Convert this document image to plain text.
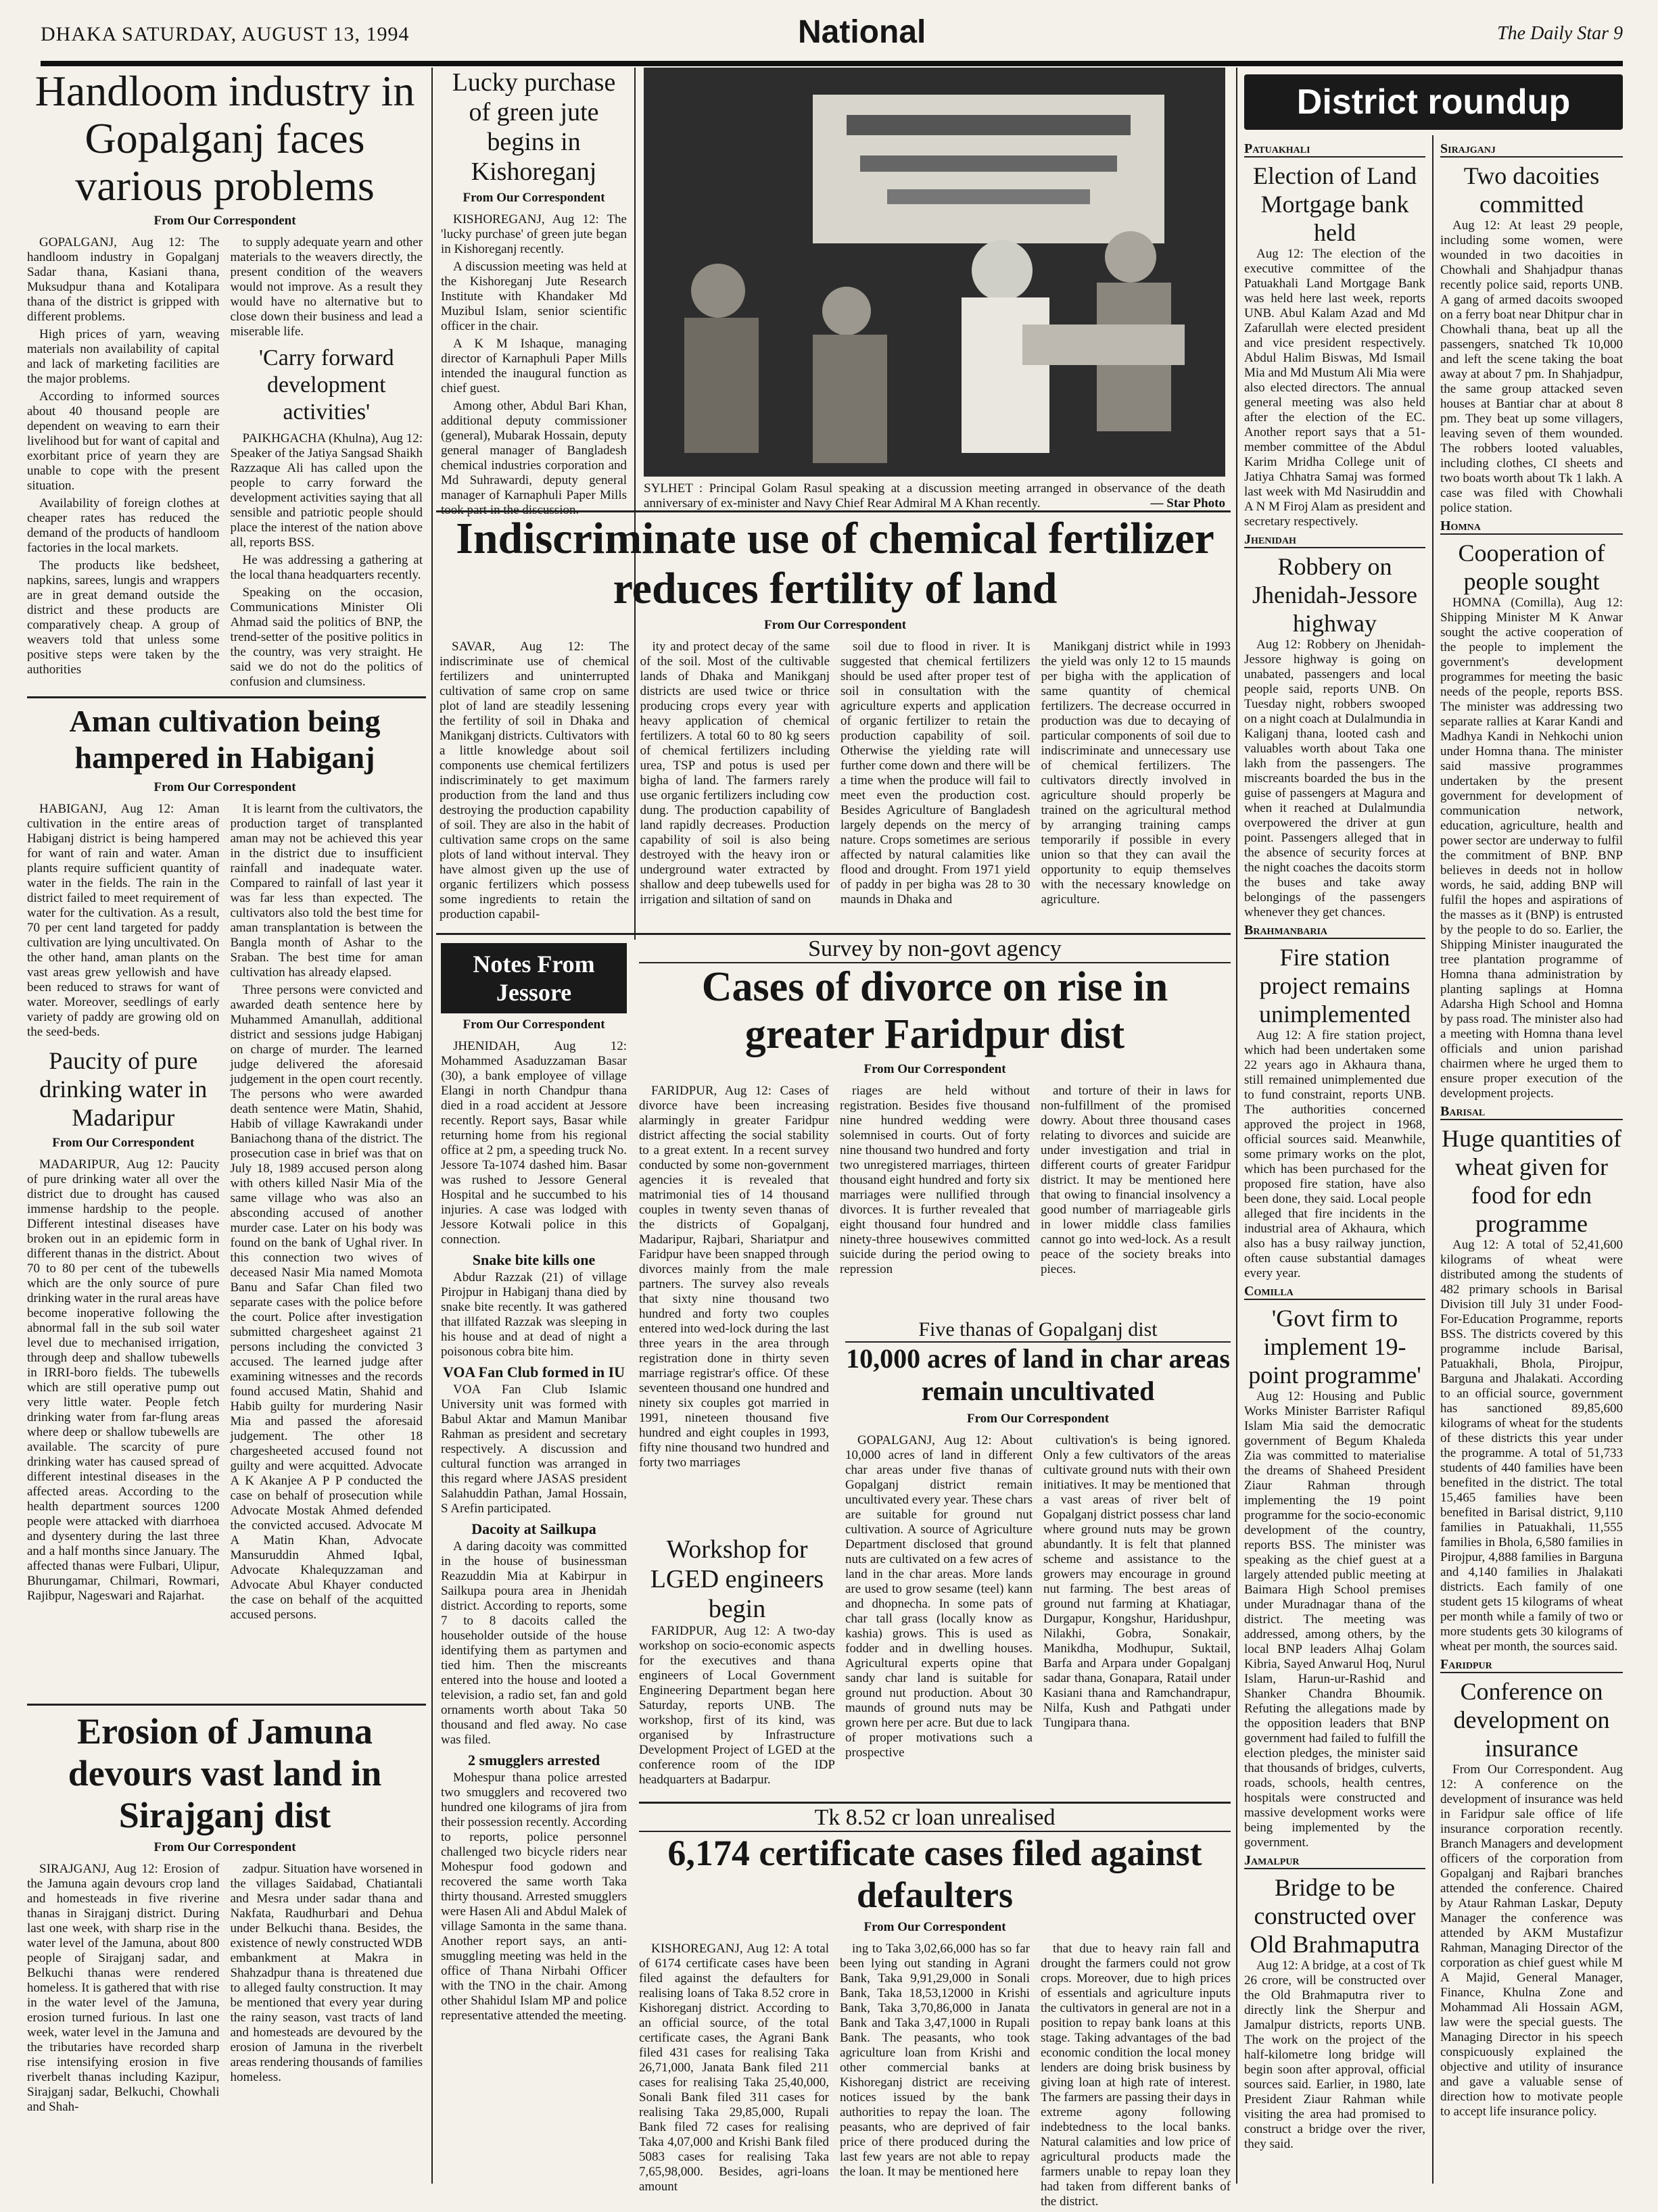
DHAKA SATURDAY, AUGUST 13, 1994	National	The Daily Star 9
Handloom industry in Gopalganj faces various problems
From Our Correspondent

GOPALGANJ, Aug 12: The handloom industry in Gopalganj Sadar thana, Kasiani thana, Muksudpur thana and Kotalipara thana of the district is gripped with different problems.

High prices of yarn, weaving materials non availability of capital and lack of marketing facilities are the major problems.

According to informed sources about 40 thousand people are dependent on weaving to earn their livelihood but for want of capital and exorbitant price of yearn they are unable to cope with the present situation.

Availability of foreign clothes at cheaper rates has reduced the demand of the products of handloom factories in the local markets.

The products like bedsheet, napkins, sarees, lungis and wrappers are in great demand outside the district and these products are comparatively cheap. A group of weavers told that unless some positive steps were taken by the authorities

to supply adequate yearn and other materials to the weavers directly, the present condition of the weavers would not improve. As a result they would have no alternative but to close down their business and lead a miserable life.

'Carry forward development activities'

PAIKHGACHA (Khulna), Aug 12: Speaker of the Jatiya Sangsad Shaikh Razzaque Ali has called upon the people to carry forward the development activities saying that all sensible and patriotic people should place the interest of the nation above all, reports BSS.

He was addressing a gathering at the local thana headquarters recently.

Speaking on the occasion, Communications Minister Oli Ahmad said the politics of BNP, the trend-setter of the positive politics in the country, was very straight. He said we do not do the politics of confusion and clumsiness.

Aman cultivation being hampered in Habiganj
From Our Correspondent

HABIGANJ, Aug 12: Aman cultivation in the entire areas of Habiganj district is being hampered for want of rain and water. Aman plants require sufficient quantity of water in the fields. The rain in the district failed to meet requirement of water for the cultivation. As a result, 70 per cent land targeted for paddy cultivation are lying uncultivated. On the other hand, aman plants on the vast areas grew yellowish and have been reduced to straws for want of water. Moreover, seedlings of early variety of paddy are growing old on the seed-beds.

Paucity of pure drinking water in Madaripur
From Our Correspondent

MADARIPUR, Aug 12: Paucity of pure drinking water all over the district due to drought has caused immense hardship to the people. Different intestinal diseases have broken out in an epidemic form in different thanas in the district. About 70 to 80 per cent of the tubewells which are the only source of pure drinking water in the rural areas have become inoperative following the abnormal fall in the sub soil water level due to mechanised irrigation, through deep and shallow tubewells in IRRI-boro fields. The tubewells which are still operative pump out very little water. People fetch drinking water from far-flung areas where deep or shallow tubewells are available. The scarcity of pure drinking water has caused spread of different intestinal diseases in the affected areas. According to the health department sources 1200 people were attacked with diarrhoea and dysentery during the last three and a half months since January. The affected thanas were Fulbari, Ulipur, Bhurungamar, Chilmari, Rowmari, Rajibpur, Nageswari and Rajarhat.

It is learnt from the cultivators, the production target of transplanted aman may not be achieved this year in the district due to insufficient rainfall and inadequate water. Compared to rainfall of last year it was far less than expected. The cultivators also told the best time for aman transplantation is between the Bangla month of Ashar to the Sraban. The best time for aman cultivation has already elapsed.

Three persons were convicted and awarded death sentence here by Muhammed Amanullah, additional district and sessions judge Habiganj on charge of murder. The learned judge delivered the aforesaid judgement in the open court recently. The persons who were awarded death sentence were Matin, Shahid, Habib of village Kawrakandi under Baniachong thana of the district. The prosecution case in brief was that on July 18, 1989 accused person along with others killed Nasir Mia of the same village who was also an absconding accused of another murder case. Later on his body was found on the bank of Ughal river. In this connection two wives of deceased Nasir Mia named Momota Banu and Safar Chan filed two separate cases with the police before the court. Police after investigation submitted chargesheet against 21 persons including the convicted 3 accused. The learned judge after examining witnesses and the records found accused Matin, Shahid and Habib guilty for murdering Nasir Mia and passed the aforesaid judgement. The other 18 chargesheeted accused found not guilty and were acquitted. Advocate A K Akanjee A P P conducted the case on behalf of prosecution while Advocate Mostak Ahmed defended the convicted accused. Advocate M A Matin Khan, Advocate Mansuruddin Ahmed Iqbal, Advocate Khalequzzaman and Advocate Abul Khayer conducted the case on behalf of the acquitted accused persons.

Erosion of Jamuna devours vast land in Sirajganj dist
From Our Correspondent

SIRAJGANJ, Aug 12: Erosion of the Jamuna again devours crop land and homesteads in five riverine thanas in Sirajganj district. During last one week, with sharp rise in the water level of the Jamuna, about 800 people of Sirajganj sadar, and Belkuchi thanas were rendered homeless. It is gathered that with rise in the water level of the Jamuna, erosion turned furious. In last one week, water level in the Jamuna and the tributaries have recorded sharp rise intensifying erosion in five riverbelt thanas including Kazipur, Sirajganj sadar, Belkuchi, Chowhali and Shah-

zadpur. Situation have worsened in the villages Saidabad, Chatiantali and Mesra under sadar thana and Nakfata, Raudhurbari and Dehua under Belkuchi thana. Besides, the existence of newly constructed WDB embankment at Makra in Shahzadpur thana is threatened due to alleged faulty construction. It may be mentioned that every year during the rainy season, vast tracts of land and homesteads are devoured by the erosion of Jamuna in the riverbelt areas rendering thousands of families homeless.

Lucky purchase of green jute begins in Kishoreganj
From Our Correspondent

KISHOREGANJ, Aug 12: The 'lucky purchase' of green jute began in Kishoreganj recently.

A discussion meeting was held at the Kishoreganj Jute Research Institute with Khandaker Md Muzibul Islam, senior scientific officer in the chair.

A K M Ishaque, managing director of Karnaphuli Paper Mills intended the inaugural function as chief guest.

Among other, Abdul Bari Khan, additional deputy commissioner (general), Mubarak Hossain, deputy general manager of Bangladesh chemical industries corporation and Md Suhrawardi, deputy general manager of Karnaphuli Paper Mills SYLHET : Principal Golam Rasul speaking at a discussion meeting arranged in observance of the death anniversary of ex-minister and Navy Chief Rear Admiral M A Khan recently.	— Star Photo
Indiscriminate use of chemical fertilizer reduces fertility of land
From Our Correspondent

SAVAR, Aug 12: The indiscriminate use of chemical fertilizers and uninterrupted cultivation of same crop on same plot of land are steadily lessening the fertility of soil in Dhaka and Manikganj districts. Cultivators with a little knowledge about soil components use chemical fertilizers indiscriminately to get maximum production from the land and thus destroying the production capability of soil. They are also in the habit of cultivation same crops on the same plots of land without interval. They have almost given up the use of organic fertilizers which possess some ingredients to retain the production capabil-

ity and protect decay of the same of the soil. Most of the cultivable lands of Dhaka and Manikganj districts are used twice or thrice producing crops every year with heavy application of chemical fertilizers. A total 60 to 80 kg seers of chemical fertilizers including urea, TSP and potus is used per bigha of land. The farmers rarely use organic fertilizers including cow dung. The production capability of land rapidly decreases. Production capability of soil is also being destroyed with the heavy iron or underground water extracted by shallow and deep tubewells used for irrigation and siltation of sand on

soil due to flood in river. It is suggested that chemical fertilizers should be used after proper test of soil in consultation with the agriculture experts and application of organic fertilizer to retain the production capability of soil. Otherwise the yielding rate will further come down and there will be a time when the produce will fail to meet even the production cost. Besides Agriculture of Bangladesh largely depends on the mercy of nature. Crops sometimes are serious affected by natural calamities like flood and drought. From 1971 yield of paddy in per bigha was 28 to 30 maunds in Dhaka and

Manikganj district while in 1993 the yield was only 12 to 15 maunds per bigha with the application of same quantity of chemical fertilizers. The decrease occurred in production was due to decaying of particular components of soil due to indiscriminate and unnecessary use of chemical fertilizers. The cultivators directly involved in agriculture should properly be trained on the agricultural method by arranging training camps temporarily if possible in every union so that they can avail the opportunity to equip themselves with the necessary knowledge on agriculture.

Notes From Jessore
From Our Correspondent

JHENIDAH, Aug 12: Mohammed Asaduzzaman Basar (30), a bank employee of village Elangi in north Chandpur thana died in a road accident at Jessore recently. Report says, Basar while returning home from his regional office at 2 pm, a speeding truck No. Jessore Ta-1074 dashed him. Basar was rushed to Jessore General Hospital and he succumbed to his injuries. A case was lodged with Jessore Kotwali police in this connection.

Snake bite kills one

Abdur Razzak (21) of village Pirojpur in Habiganj thana died by snake bite recently. It was gathered that illfated Razzak was sleeping in his house and at dead of night a poisonous cobra bite him.

VOA Fan Club formed in IU

VOA Fan Club Islamic University unit was formed with Babul Aktar and Mamun Manibar Rahman as president and secretary respectively. A discussion and cultural function was arranged in this regard where JASAS president Salahuddin Pathan, Jamal Hossain, S Arefin participated.

Dacoity at Sailkupa

A daring dacoity was committed in the house of businessman Reazuddin Mia at Kabirpur in Sailkupa poura area in Jhenidah district. According to reports, some 7 to 8 dacoits called the householder outside of the house identifying them as partymen and tied him. Then the miscreants entered into the house and looted a television, a radio set, fan and gold ornaments worth about Taka 50 thousand and fled away. No case was filed.

2 smugglers arrested

Mohespur thana police arrested two smugglers and recovered two hundred one kilograms of jira from their possession recently. According to reports, police personnel challenged two bicycle riders near Mohespur food godown and recovered the same worth Taka thirty thousand. Arrested smugglers were Hasen Ali and Abdul Malek of village Samonta in the same thana. Another report says, an anti-smuggling meeting was held in the office of Thana Nirbahi Officer with the TNO in the chair. Among other Shahidul Islam MP and police representative attended the meeting.

Survey by non-govt agency
Cases of divorce on rise in greater Faridpur dist
From Our Correspondent

FARIDPUR, Aug 12: Cases of divorce have been increasing alarmingly in greater Faridpur district affecting the social stability to a great extent. In a recent survey conducted by some non-government agencies it is revealed that matrimonial ties of 14 thousand couples in twenty seven thanas of the districts of Gopalganj, Madaripur, Rajbari, Shariatpur and Faridpur have been snapped through divorces mainly from the male partners. The survey also reveals that sixty nine thousand two hundred and forty two couples entered into wed-lock during the last three years in the area through registration done in thirty seven marriage registrar's office. Of these seventeen thousand one hundred and ninety six couples got married in 1991, nineteen thousand five hundred and eight couples in 1993, fifty nine thousand two hundred and forty two marriages

riages are held without registration. Besides five thousand nine hundred wedding were solemnised in courts. Out of forty nine thousand two hundred and forty two unregistered marriages, thirteen thousand eight hundred and forty six marriages were nullified through divorces. It is further revealed that eight thousand four hundred and ninety-three housewives committed suicide during the period owing to repression

and torture of their in laws for non-fulfillment of the promised dowry. About three thousand cases relating to divorces and suicide are under investigation and trial in different courts of greater Faridpur district. It may be mentioned here that owing to financial insolvency a good number of marriageable girls in lower middle class families cannot go into wed-lock. As a result peace of the society breaks into pieces.

Workshop for LGED engineers begin

FARIDPUR, Aug 12: A two-day workshop on socio-economic aspects for the executives and thana engineers of Local Government Engineering Department began here Saturday, reports UNB. The workshop, first of its kind, was organised by Infrastructure Development Project of LGED at the conference room of the IDP headquarters at Badarpur.

Five thanas of Gopalganj dist
10,000 acres of land in char areas remain uncultivated
From Our Correspondent

GOPALGANJ, Aug 12: About 10,000 acres of land in different char areas under five thanas of Gopalganj district remain uncultivated every year. These chars are suitable for ground nut cultivation. A source of Agriculture Department disclosed that ground nuts are cultivated on a few acres of land in the char areas. More lands are used to grow sesame (teel) kann and dhopnecha. In some pats of char tall grass (locally know as kashia) grows. This is used as fodder and in dwelling houses. Agricultural experts opine that sandy char land is suitable for ground nut production. About 30 maunds of ground nuts may be grown here per acre. But due to lack of proper motivations such a prospective

cultivation's is being ignored. Only a few cultivators of the areas cultivate ground nuts with their own initiatives. It may be mentioned that a vast areas of river belt of Gopalganj district possess char land where ground nuts may be grown abundantly. It is felt that planned scheme and assistance to the growers may encourage in ground nut farming. The best areas of ground nut farming at Khatiagar, Durgapur, Kongshur, Haridushpur, Nilakhi, Gobra, Sonakair, Manikdha, Modhupur, Suktail, Barfa and Arpara under Gopalganj sadar thana, Gonapara, Ratail under Kasiani thana and Ramchandrapur, Nilfa, Kush and Pathgati under Tungipara thana.

Tk 8.52 cr loan unrealised
6,174 certificate cases filed against defaulters
From Our Correspondent

KISHOREGANJ, Aug 12: A total of 6174 certificate cases have been filed against the defaulters for realising loans of Taka 8.52 crore in Kishoreganj district. According to an official source, of the total certificate cases, the Agrani Bank filed 431 cases for realising Taka 26,71,000, Janata Bank filed 211 cases for realising Taka 25,40,000, Sonali Bank filed 311 cases for realising Taka 29,85,000, Rupali Bank filed 72 cases for realising Taka 4,07,000 and Krishi Bank filed 5083 cases for realising Taka 7,65,98,000. Besides, agri-loans amount

ing to Taka 3,02,66,000 has so far been lying out standing in Agrani Bank, Taka 9,91,29,000 in Sonali Bank, Taka 18,53,12000 in Krishi Bank, Taka 3,70,86,000 in Janata Bank and Taka 3,47,1000 in Rupali Bank. The peasants, who took agriculture loan from Krishi and other commercial banks at Kishoreganj district are receiving notices issued by the bank authorities to repay the loan. The peasants, who are deprived of fair price of there produced during the last few years are not able to repay the loan. It may be mentioned here

that due to heavy rain fall and drought the farmers could not grow crops. Moreover, due to high prices of essentials and agriculture inputs the cultivators in general are not in a position to repay bank loans at this stage. Taking advantages of the bad economic condition the local money lenders are doing brisk business by giving loan at high rate of interest. The farmers are passing their days in extreme agony following indebtedness to the local banks. Natural calamities and low price of agricultural products made the farmers unable to repay loan they had taken from different banks of the district.

District roundup
Patuakhali
Election of Land Mortgage bank held

Aug 12: The election of the executive committee of the Patuakhali Land Mortgage Bank was held here last week, reports UNB. Abul Kalam Azad and Md Zafarullah were elected president and vice president respectively. Abdul Halim Biswas, Md Ismail Mia and Md Mustum Ali Mia were also elected directors. The annual general meeting was also held after the election of the EC. Another report says that a 51-member committee of the Abdul Karim Mridha College unit of Jatiya Chhatra Samaj was formed last week with Md Nasiruddin and A N M Firoj Alam as president and secretary respectively.

Jhenidah
Robbery on Jhenidah-Jessore highway

Aug 12: Robbery on Jhenidah-Jessore highway is going on unabated, passengers and local people said, reports UNB. On Tuesday night, robbers swooped on a night coach at Dulalmundia in Kaliganj thana, looted cash and valuables worth about Taka one lakh from the passengers. The miscreants boarded the bus in the guise of passengers at Magura and when it reached at Dulalmundia overpowered the driver at gun point. Passengers alleged that in the absence of security forces at the night coaches the dacoits storm the buses and take away belongings of the passengers whenever they get chances.

Brahmanbaria
Fire station project remains unimplemented

Aug 12: A fire station project, which had been undertaken some 22 years ago in Akhaura thana, still remained unimplemented due to fund constraint, reports UNB. The authorities concerned approved the project in 1968, official sources said. Meanwhile, some primary works on the plot, which has been purchased for the proposed fire station, have also been done, they said. Local people alleged that fire incidents in the industrial area of Akhaura, which also has a busy railway junction, often cause substantial damages every year.

Comilla
'Govt firm to implement 19-point programme'

Aug 12: Housing and Public Works Minister Barrister Rafiqul Islam Mia said the democratic government of Begum Khaleda Zia was committed to materialise the dreams of Shaheed President Ziaur Rahman through implementing the 19 point programme for the socio-economic development of the country, reports BSS. The minister was speaking as the chief guest at a largely attended public meeting at Baimara High School premises under Muradnagar thana of the district. The meeting was addressed, among others, by the local BNP leaders Alhaj Golam Kibria, Sayed Anwarul Hoq, Nurul Islam, Harun-ur-Rashid and Shanker Chandra Bhoumik. Refuting the allegations made by the opposition leaders that BNP government had failed to fulfill the election pledges, the minister said that thousands of bridges, culverts, roads, schools, health centres, hospitals were constructed and massive development works were being implemented by the government.

Jamalpur
Bridge to be constructed over Old Brahmaputra

Aug 12: A bridge, at a cost of Tk 26 crore, will be constructed over the Old Brahmaputra river to directly link the Sherpur and Jamalpur districts, reports UNB. The work on the project of the half-kilometre long bridge will begin soon after approval, official sources said. Earlier, in 1980, late President Ziaur Rahman while visiting the area had promised to construct a bridge over the river, they said.

Sirajganj
Two dacoities committed

Aug 12: At least 29 people, including some women, were wounded in two dacoities in Chowhali and Shahjadpur thanas recently police said, reports UNB. A gang of armed dacoits swooped on a ferry boat near Dhitpur char in Chowhali thana, beat up all the passengers, snatched Tk 10,000 and left the scene taking the boat away at about 7 pm. In Shahjadpur, the same group attacked seven houses at Bantiar char at about 8 pm. They beat up some villagers, leaving seven of them wounded. The robbers looted valuables, including clothes, CI sheets and two boats worth about Tk 1 lakh. A case was filed with Chowhali police station.

Homna
Cooperation of people sought

HOMNA (Comilla), Aug 12: Shipping Minister M K Anwar sought the active cooperation of the people to implement the government's development programmes for meeting the basic needs of the people, reports BSS. The minister was addressing two separate rallies at Karar Kandi and Madhya Kandi in Nehkochi union under Homna thana. The minister said massive programmes undertaken by the present government for development of communication network, education, agriculture, health and power sector are underway to fulfil the commitment of BNP. BNP believes in deeds not in hollow words, he said, adding BNP will fulfil the hopes and aspirations of the masses as it (BNP) is entrusted by the people to do so. Earlier, the Shipping Minister inaugurated the tree plantation programme of Homna thana administration by planting saplings at Homna Adarsha High School and Homna by pass road. The minister also had a meeting with Homna thana level officials and union parishad chairmen where he urged them to ensure proper execution of the development projects.

Barisal
Huge quantities of wheat given for food for edn programme

Aug 12: A total of 52,41,600 kilograms of wheat were distributed among the students of 482 primary schools in Barisal Division till July 31 under Food-For-Education Programme, reports BSS. The districts covered by this programme include Barisal, Patuakhali, Bhola, Pirojpur, Barguna and Jhalakati. According to an official source, government has sanctioned 89,85,600 kilograms of wheat for the students of these districts this year under the programme. A total of 51,733 students of 440 families have been benefited in the district. The total 15,465 families have been benefited in Barisal district, 9,110 families in Patuakhali, 11,555 families in Bhola, 6,580 families in Pirojpur, 4,888 families in Barguna and 4,140 families in Jhalakati districts. Each family of one student gets 15 kilograms of wheat per month while a family of two or more students gets 30 kilograms of wheat per month, the sources said.

Faridpur
Conference on development on insurance

From Our Correspondent. Aug 12: A conference on the development of insurance was held in Faridpur sale office of life insurance corporation recently. Branch Managers and development officers of the corporation from Gopalganj and Rajbari branches attended the conference. Chaired by Ataur Rahman Laskar, Deputy Manager the conference was attended by AKM Mustafizur Rahman, Managing Director of the corporation as chief guest while M A Majid, General Manager, Finance, Khulna Zone and Mohammad Ali Hossain AGM, law were the special guests. The Managing Director in his speech conspicuously explained the objective and utility of insurance and gave a valuable sense of direction how to motivate people to accept life insurance policy.
